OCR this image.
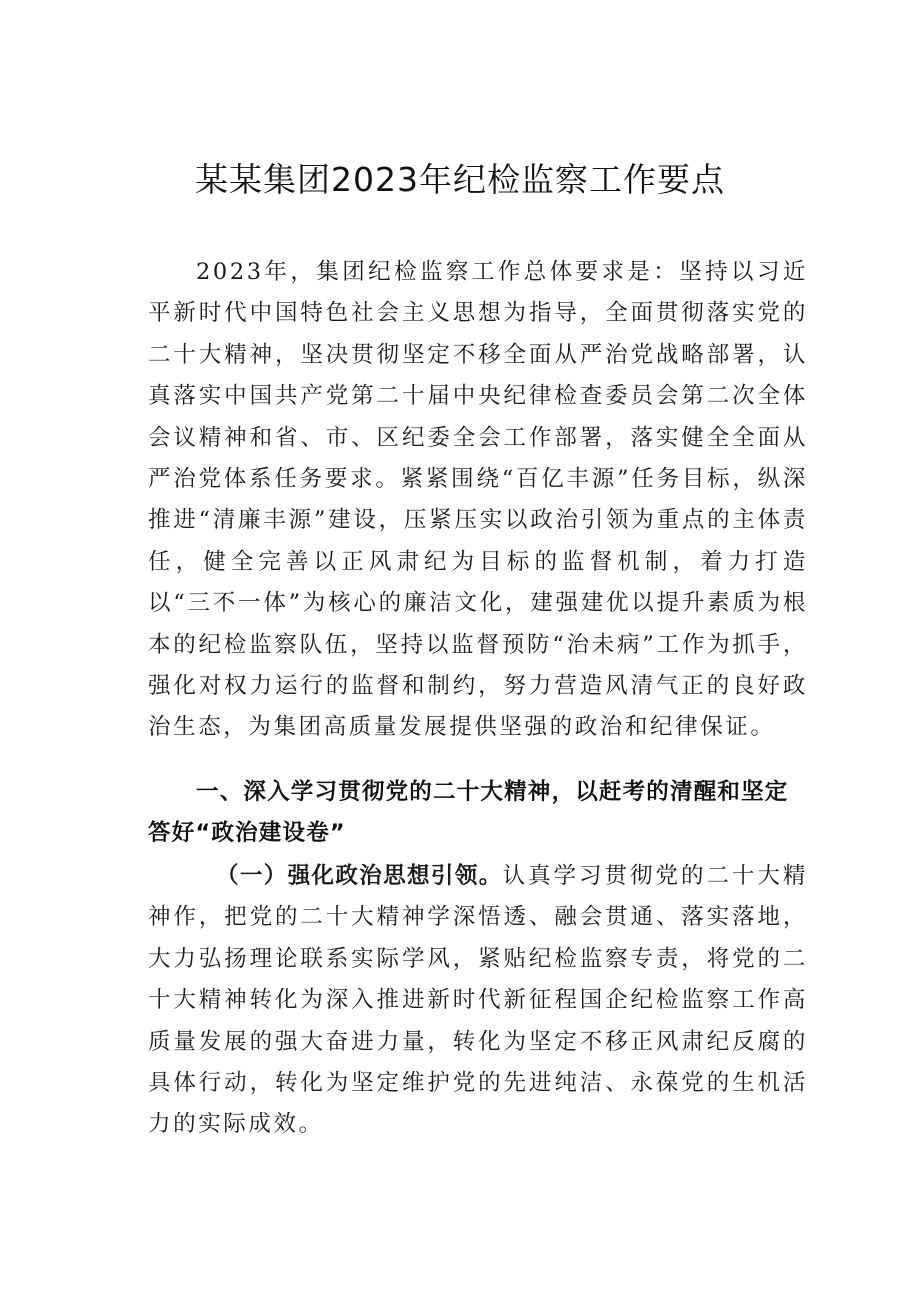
某某集团2023年纪检监察工作要点

2023年，集团纪检监察工作总体要求是：坚持以习近平新时代中国特色社会主义思想为指导，全面贯彻落实党的二十大精神，坚决贯彻坚定不移全面从严治党战略部署，认真落实中国共产党第二十届中央纪律检查委员会第二次全体会议精神和省、市、区纪委全会工作部署，落实健全全面从严治党体系任务要求。紧紧围绕“百亿丰源”任务目标，纵深推进“清廉丰源”建设，压紧压实以政治引领为重点的主体责任，健全完善以正风肃纪为目标的监督机制，着力打造以“三不一体”为核心的廉洁文化，建强建优以提升素质为根本的纪检监察队伍，坚持以监督预防“治未病”工作为抓手，强化对权力运行的监督和制约，努力营造风清气正的良好政治生态，为集团高质量发展提供坚强的政治和纪律保证。

一、深入学习贯彻党的二十大精神，以赶考的清醒和坚定答好“政治建设卷”

（一）强化政治思想引领。认真学习贯彻党的二十大精神作，把党的二十大精神学深悟透、融会贯通、落实落地，大力弘扬理论联系实际学风，紧贴纪检监察专责，将党的二十大精神转化为深入推进新时代新征程国企纪检监察工作高质量发展的强大奋进力量，转化为坚定不移正风肃纪反腐的具体行动，转化为坚定维护党的先进纯洁、永葆党的生机活力的实际成效。
